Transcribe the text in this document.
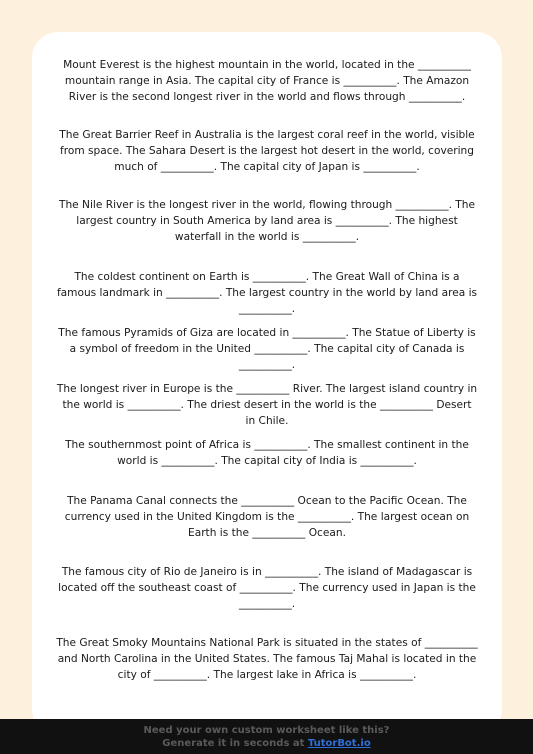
Mount Everest is the highest mountain in the world, located in the __________ mountain range in Asia. The capital city of France is __________. The Amazon River is the second longest river in the world and flows through __________.

The Great Barrier Reef in Australia is the largest coral reef in the world, visible from space. The Sahara Desert is the largest hot desert in the world, covering much of __________. The capital city of Japan is __________.

The Nile River is the longest river in the world, flowing through __________. The largest country in South America by land area is __________. The highest waterfall in the world is __________.

The coldest continent on Earth is __________. The Great Wall of China is a famous landmark in __________. The largest country in the world by land area is __________.

The famous Pyramids of Giza are located in __________. The Statue of Liberty is a symbol of freedom in the United __________. The capital city of Canada is __________.

The longest river in Europe is the __________ River. The largest island country in the world is __________. The driest desert in the world is the __________ Desert in Chile.

The southernmost point of Africa is __________. The smallest continent in the world is __________. The capital city of India is __________.

The Panama Canal connects the __________ Ocean to the Pacific Ocean. The currency used in the United Kingdom is the __________. The largest ocean on Earth is the __________ Ocean.

The famous city of Rio de Janeiro is in __________. The island of Madagascar is located off the southeast coast of __________. The currency used in Japan is the __________.

The Great Smoky Mountains National Park is situated in the states of __________ and North Carolina in the United States. The famous Taj Mahal is located in the city of __________. The largest lake in Africa is __________.

Need your own custom worksheet like this?
Generate it in seconds at TutorBot.io
